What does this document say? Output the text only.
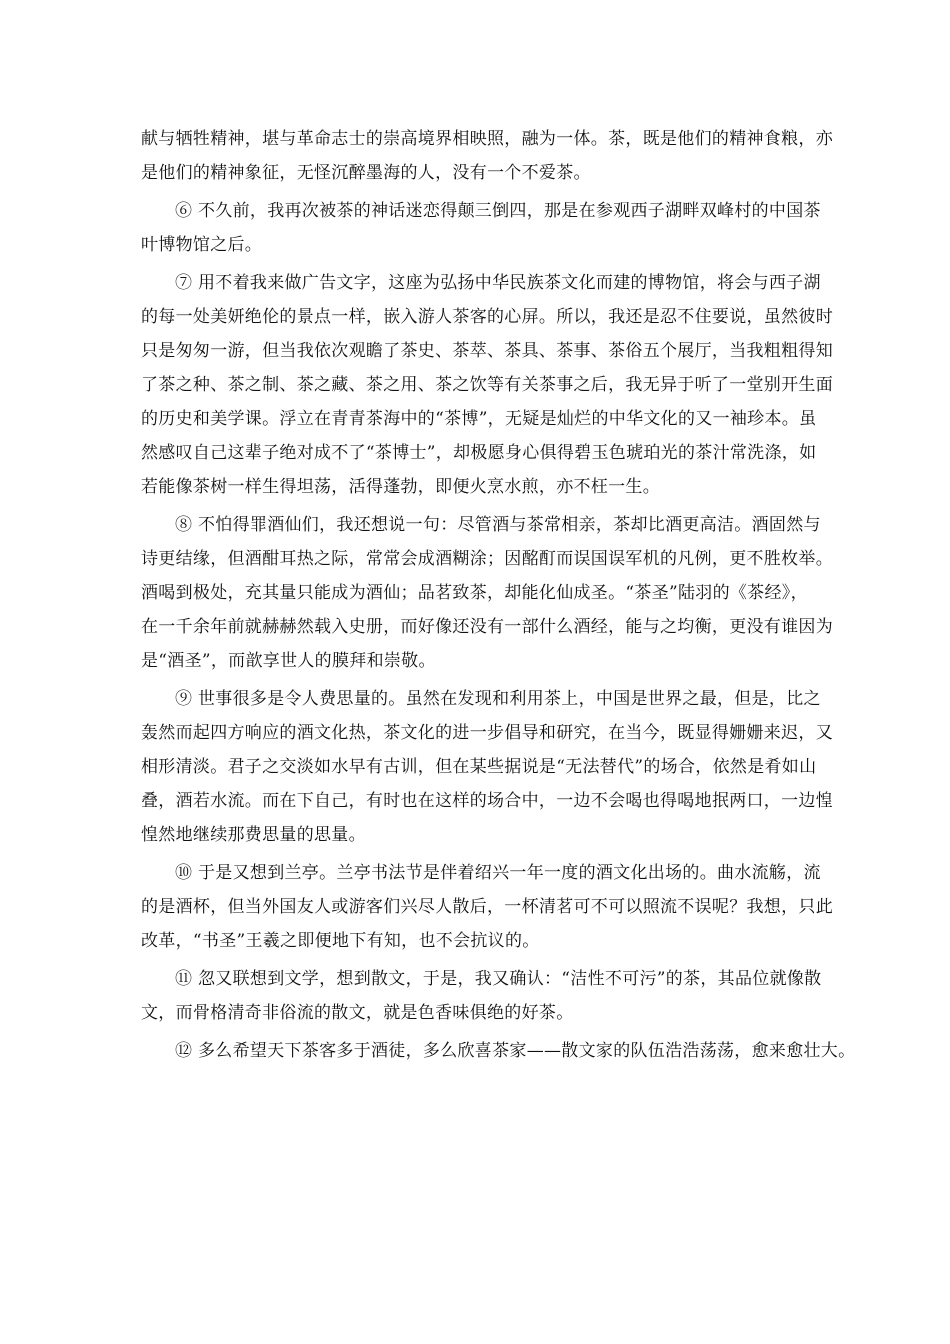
献与牺牲精神，堪与革命志士的崇高境界相映照，融为一体。茶，既是他们的精神食粮，亦
是他们的精神象征，无怪沉醉墨海的人，没有一个不爱茶。
⑥ 不久前，我再次被茶的神话迷恋得颠三倒四，那是在参观西子湖畔双峰村的中国茶
叶博物馆之后。
⑦ 用不着我来做广告文字，这座为弘扬中华民族茶文化而建的博物馆，将会与西子湖
的每一处美妍绝伦的景点一样，嵌入游人茶客的心屏。所以，我还是忍不住要说，虽然彼时
只是匆匆一游，但当我依次观瞻了茶史、茶萃、茶具、茶事、茶俗五个展厅，当我粗粗得知
了茶之种、茶之制、茶之藏、茶之用、茶之饮等有关茶事之后，我无异于听了一堂别开生面
的历史和美学课。浮立在青青茶海中的“茶博”，无疑是灿烂的中华文化的又一袖珍本。虽
然感叹自己这辈子绝对成不了“茶博士”，却极愿身心俱得碧玉色琥珀光的茶汁常洗涤，如
若能像茶树一样生得坦荡，活得蓬勃，即便火烹水煎，亦不枉一生。
⑧ 不怕得罪酒仙们，我还想说一句：尽管酒与茶常相亲，茶却比酒更高洁。酒固然与
诗更结缘，但酒酣耳热之际，常常会成酒糊涂；因酩酊而误国误军机的凡例，更不胜枚举。
酒喝到极处，充其量只能成为酒仙；品茗致茶，却能化仙成圣。“茶圣”陆羽的《茶经》，
在一千余年前就赫赫然载入史册，而好像还没有一部什么酒经，能与之均衡，更没有谁因为
是“酒圣”，而歆享世人的膜拜和崇敬。
⑨ 世事很多是令人费思量的。虽然在发现和利用茶上，中国是世界之最，但是，比之
轰然而起四方响应的酒文化热，茶文化的进一步倡导和研究，在当今，既显得姗姗来迟，又
相形清淡。君子之交淡如水早有古训，但在某些据说是“无法替代”的场合，依然是肴如山
叠，酒若水流。而在下自己，有时也在这样的场合中，一边不会喝也得喝地抿两口，一边惶
惶然地继续那费思量的思量。
⑩ 于是又想到兰亭。兰亭书法节是伴着绍兴一年一度的酒文化出场的。曲水流觞，流
的是酒杯，但当外国友人或游客们兴尽人散后，一杯清茗可不可以照流不误呢？我想，只此
改革，“书圣”王羲之即便地下有知，也不会抗议的。
⑪ 忽又联想到文学，想到散文，于是，我又确认：“洁性不可污”的茶，其品位就像散
文，而骨格清奇非俗流的散文，就是色香味俱绝的好茶。
⑫ 多么希望天下茶客多于酒徒，多么欣喜茶家——散文家的队伍浩浩荡荡，愈来愈壮大。
